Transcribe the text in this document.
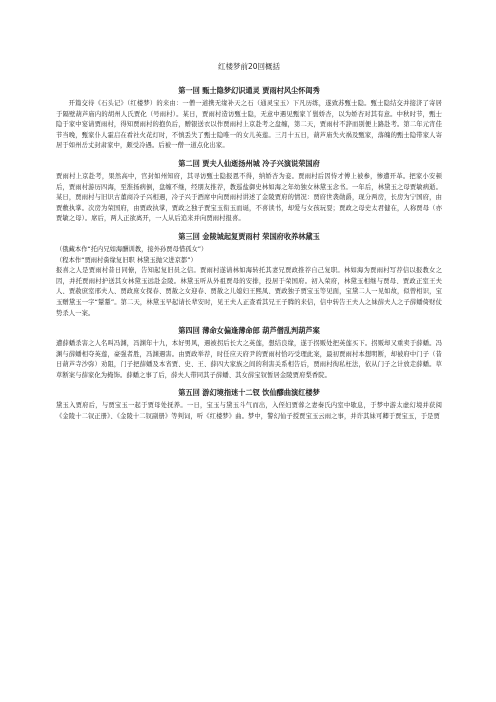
红楼梦前20回概括
第一回 甄士隐梦幻识通灵 贾雨村风尘怀闺秀

开篇交待《石头记》（红楼梦）的来由：一僧一道携无缘补天之石（通灵宝玉）下凡历练，遂致苏甄士隐。甄士隐结交并接济了寄居于隔壁葫芦庙内的胡州人氏贾化（号雨村）。某日，贾雨村造访甄士隐，无意中遇见甄家丫鬟娇杏，以为娇杏对其有意。中秋时节，甄士隐于家中宴请贾雨村，得知贾雨村的抱负后，赠银送衣以作贾雨村上京赴考之盘缠，第二天，贾雨村不辞而别便上路赴考。第二年元宵佳节当晚，甄家仆人霍启在看社火花灯时，不慎丢失了甄士隐唯一的女儿英莲。三月十五日，葫芦庙失火祸及甄家，落魄的甄士隐带家人寄居于如州岳丈封肃家中，颇受冷遇。后被一僧一道点化出家。

第二回 贾夫人仙逝扬州城 冷子兴演说荣国府

贾雨村上京赴考，果然高中，官封如州知府，其寻访甄士隐报恩不得，纳娇杏为妾。贾雨村后因恃才傅上被参，惨遭开革。把家小安顿后，贾雨村游历四海，至淮扬病倒，盘缠不继，经朋友推荐，教巡盐御史林如海之年幼独女林黛玉念书。一年后，林黛玉之母贾敏病逝。某日，贾雨村与旧识古董商冷子兴相遇，冷子兴于酒席中向贾雨村讲述了金陵贾府的情况：贾府世袭勋爵，现分两房，长房为宁国府，由贾敷执掌。次房为荣国府，由贾政执掌，贾政之独子贾宝玉衔玉而诞，不喜读书，却爱与女孩玩耍；贾政之母史太君健在，人称贾母（亦贾敏之母）。席后，两人正欲离开，一人从后追来并向贾雨村报喜。

第三回 金陵城起复贾雨村 荣国府收养林黛玉

（俄藏本作“托内兄如海酬训教，接外孙贾母惜孤女”）

（程本作“贾雨村夤缘复旧职 林黛玉抛父进京都”）

报喜之人是贾雨村昔日同僚，告知起复旧员之信。贾雨村遂请林如海转托其妻兄贾政推荐自己复职。林如海为贾雨村写荐信以报教女之因，并托贾雨村护送其女林黛玉远赴金陵。林黛玉听从外祖贾母的安排，投居于荣国府。初入荣府，林黛玉相继与贾母、贾政正室王夫人、贾赦庶室邢夫人、贾政庶女探春、贾赦之女迎春、贾赦之儿媳妇王熙凤、贾政独子贾宝玉等见面，宝黛二人一见如故，似曾相识，宝玉赠黛玉一字“颦颦”。第二天，林黛玉早起请长辈安时，见王夫人正查看其兄王子腾的来信，信中转告王夫人之妹薛夫人之子薛蟠倚财仗势杀人一案。

第四回 薄命女偏逢薄命郎 葫芦僧乱判葫芦案

遭薛蟠杀害之人名叫冯渊，冯渊年十九，本好男风，遇被拐后长大之英莲，想结良缘，遂于拐贩处把英莲买下。拐贩却又重卖于薛蟠。冯渊与薛蟠相夺英莲，豪强者胜，冯渊遇害。由贾政举荐，时任应天府尹的贾雨村恰巧受理此案，最初贾雨村本想明断，却被府中门子（昔日葫芦寺沙弥）劝阻，门子把薛蟠及本省贾、史、王、薛四大家族之间的利害关系相告后，贾雨村徇私枉法，依从门子之计放走薛蟠。草草断案与薛家化为掩饰。薛蟠之事了后，薛夫人带同其子薛蟠、其女薛宝钗暂居金陵贾府梨香院。

第五回 游幻境指迷十二钗 饮仙醪曲演红楼梦

黛玉入贾府后，与贾宝玉一起于贾母处抚养。一日，宝玉与黛玉斗气而出，入侄妇贾蓉之妻秦氏内室中歇息，于梦中游太虚幻境并获阅《金陵十二钗正册》、《金陵十二钗副册》等判词，听《红楼梦》曲。梦中，警幻仙子授贾宝玉云雨之事，并许其妹可卿于贾宝玉，于是贾
